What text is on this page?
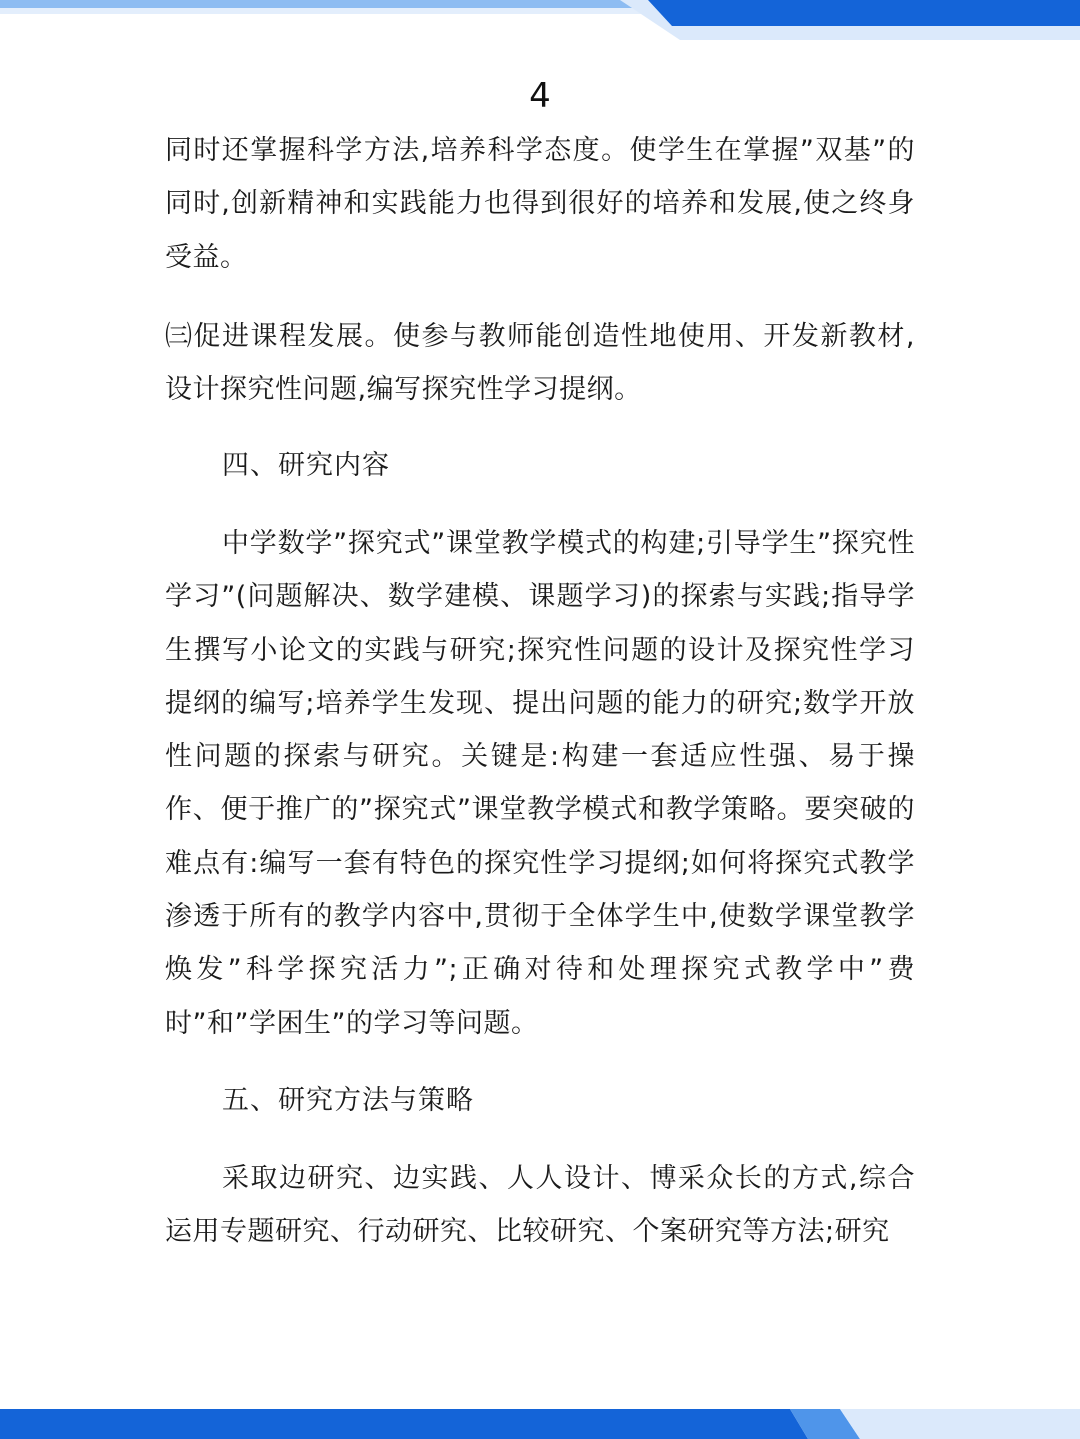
4

同时还掌握科学方法,培养科学态度。使学生在掌握”双基”的同时,创新精神和实践能力也得到很好的培养和发展,使之终身受益。

㈢促进课程发展。使参与教师能创造性地使用、开发新教材,设计探究性问题,编写探究性学习提纲。

四、研究内容

中学数学”探究式”课堂教学模式的构建;引导学生”探究性学习”(问题解决、数学建模、课题学习)的探索与实践;指导学生撰写小论文的实践与研究;探究性问题的设计及探究性学习提纲的编写;培养学生发现、提出问题的能力的研究;数学开放性问题的探索与研究。关键是:构建一套适应性强、易于操作、便于推广的”探究式”课堂教学模式和教学策略。要突破的难点有:编写一套有特色的探究性学习提纲;如何将探究式教学渗透于所有的教学内容中,贯彻于全体学生中,使数学课堂教学焕发”科学探究活力”;正确对待和处理探究式教学中”费时”和”学困生”的学习等问题。

五、研究方法与策略

采取边研究、边实践、人人设计、博采众长的方式,综合运用专题研究、行动研究、比较研究、个案研究等方法;研究
